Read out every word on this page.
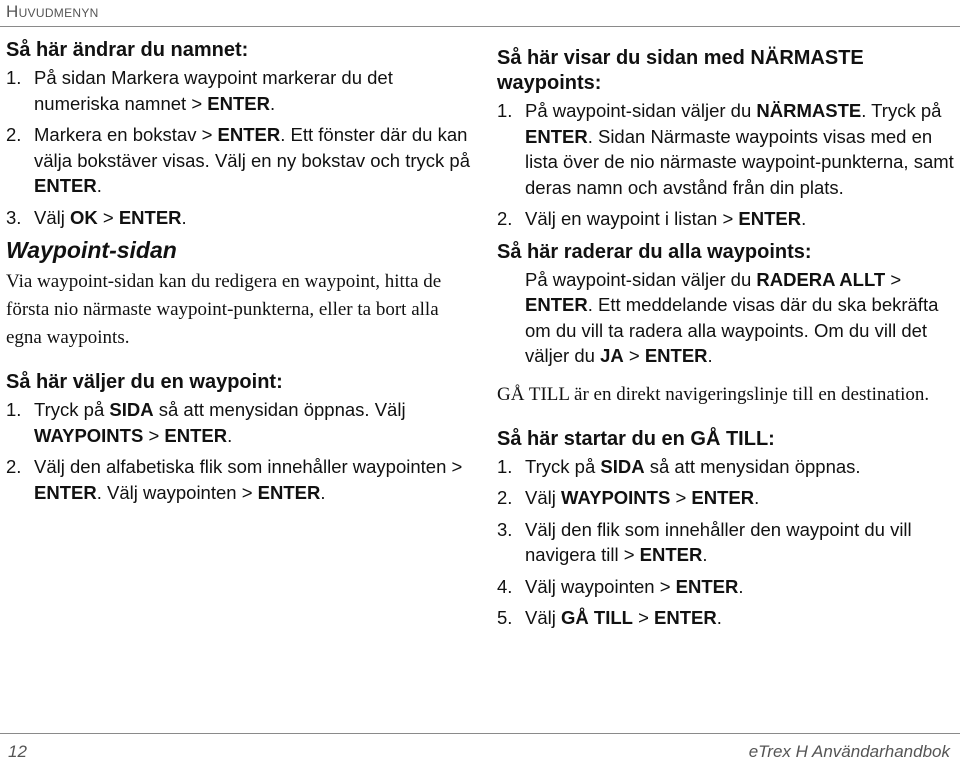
Huvudmenyn
Så här ändrar du namnet:
1. På sidan Markera waypoint markerar du det numeriska namnet > ENTER.
2. Markera en bokstav > ENTER. Ett fönster där du kan välja bokstäver visas. Välj en ny bokstav och tryck på ENTER.
3. Välj OK > ENTER.
Waypoint-sidan

Via waypoint-sidan kan du redigera en waypoint, hitta de första nio närmaste waypoint-punkterna, eller ta bort alla egna waypoints.

Så här väljer du en waypoint:
1. Tryck på SIDA så att menysidan öppnas. Välj WAYPOINTS > ENTER.
2. Välj den alfabetiska flik som innehåller waypointen > ENTER. Välj waypointen > ENTER.
Så här visar du sidan med NÄRMASTE waypoints:
1. På waypoint-sidan väljer du NÄRMASTE. Tryck på ENTER. Sidan Närmaste waypoints visas med en lista över de nio närmaste waypoint-punkterna, samt deras namn och avstånd från din plats.
2. Välj en waypoint i listan > ENTER.
Så här raderar du alla waypoints:

På waypoint-sidan väljer du RADERA ALLT > ENTER. Ett meddelande visas där du ska bekräfta om du vill ta radera alla waypoints. Om du vill det väljer du JA > ENTER.

GÅ TILL är en direkt navigeringslinje till en destination.

Så här startar du en GÅ TILL:
1. Tryck på SIDA så att menysidan öppnas.
2. Välj WAYPOINTS > ENTER.
3. Välj den flik som innehåller den waypoint du vill navigera till > ENTER.
4. Välj waypointen > ENTER.
5. Välj GÅ TILL > ENTER.
12	eTrex H Användarhandbok
